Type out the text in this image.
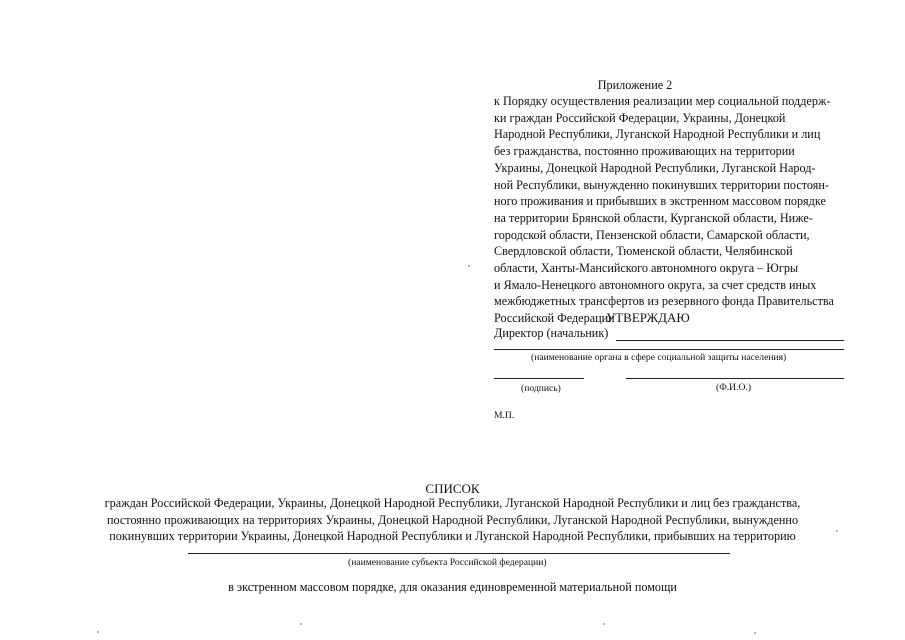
Приложение 2
к Порядку осуществления реализации мер социальной поддерж-
ки граждан Российской Федерации, Украины, Донецкой
Народной Республики, Луганской Народной Республики и лиц
без гражданства, постоянно проживающих на территории
Украины, Донецкой Народной Республики, Луганской Народ-
ной Республики, вынужденно покинувших территории постоян-
ного проживания и прибывших в экстренном массовом порядке
на территории Брянской области, Курганской области, Ниже-
городской области, Пензенской области, Самарской области,
Свердловской области, Тюменской области, Челябинской
области, Ханты-Мансийского автономного округа – Югры
и Ямало-Ненецкого автономного округа, за счет средств иных
межбюджетных трансфертов из резервного фонда Правительства
Российской Федерации
УТВЕРЖДАЮ
Директор (начальник)
(наименование органа в сфере социальной защиты населения)
(подпись)	(Ф.И.О.)
М.П.
СПИСОК
граждан Российской Федерации, Украины, Донецкой Народной Республики, Луганской Народной Республики и лиц без гражданства,
постоянно проживающих на территориях Украины, Донецкой Народной Республики, Луганской Народной Республики, вынужденно
покинувших территории Украины, Донецкой Народной Республики и Луганской Народной Республики, прибывших на территорию
(наименование субъекта Российской федерации)
в экстренном массовом порядке, для оказания единовременной материальной помощи
